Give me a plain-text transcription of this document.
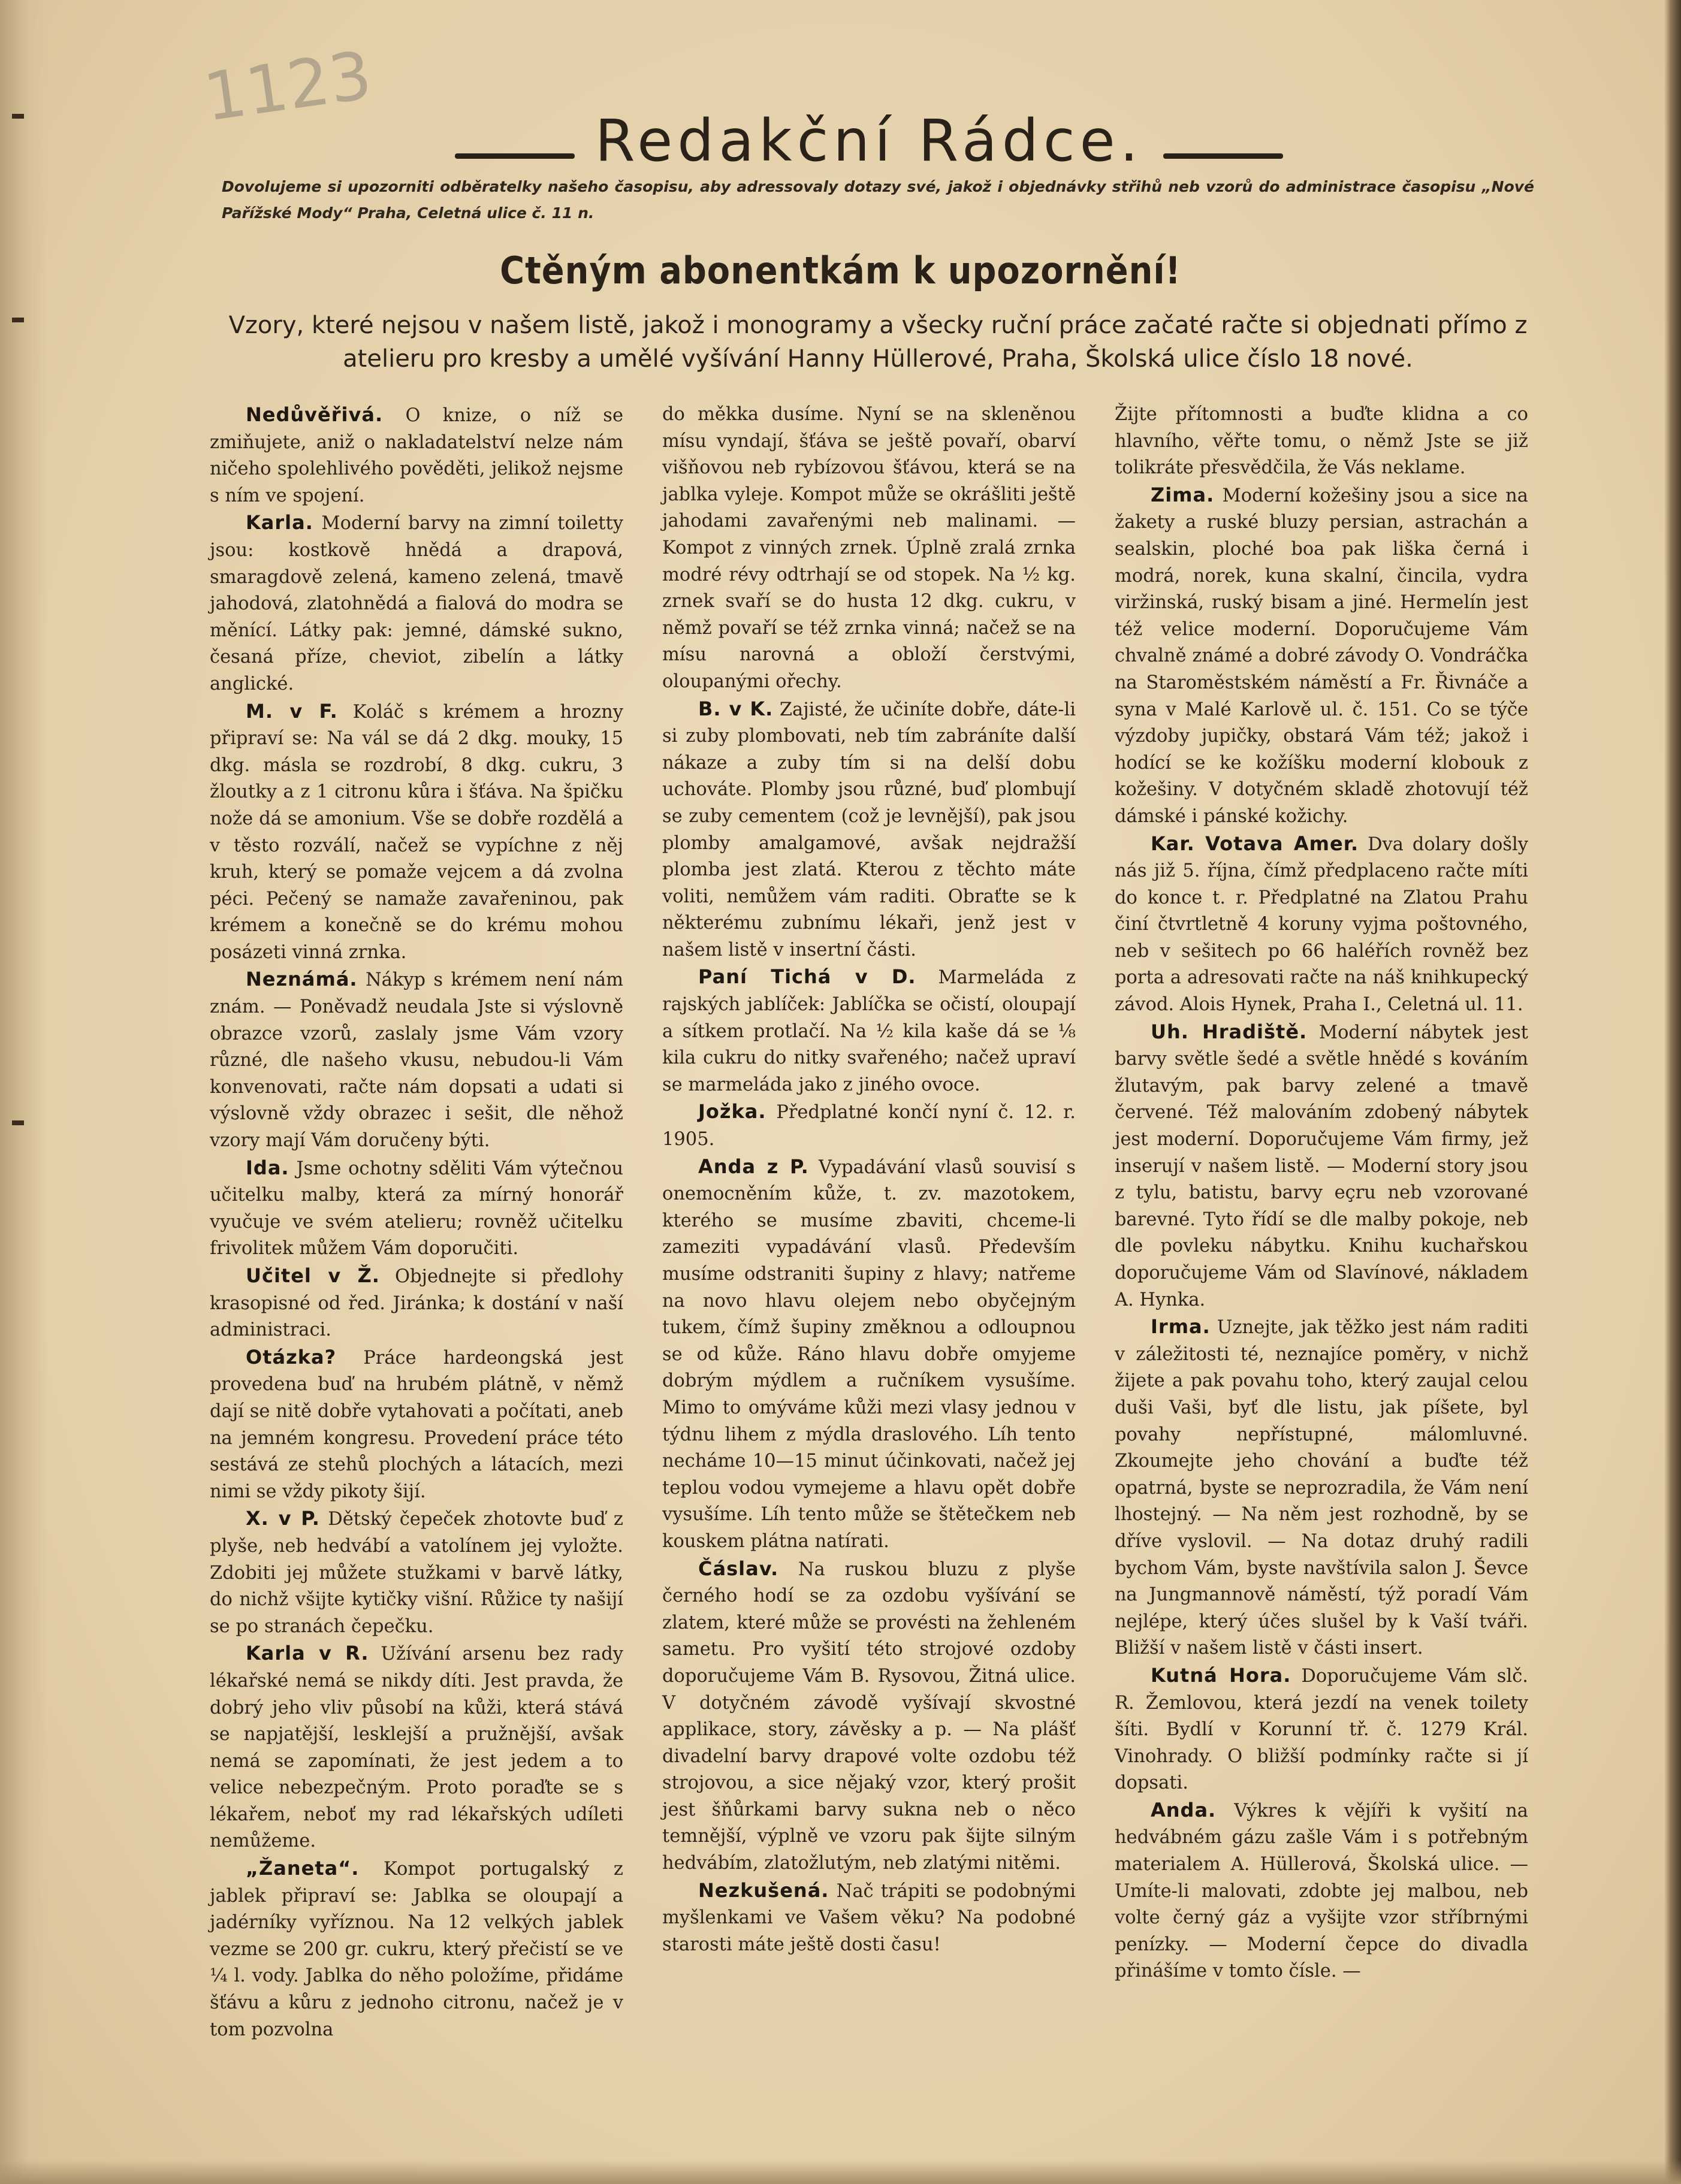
1123
Redakční Rádce.
Dovolujeme si upozorniti odběratelky našeho časopisu, aby adressovaly dotazy své, jakož i objednávky střihů neb vzorů do administrace časopisu „Nové Pařížské Mody“ Praha, Celetná ulice č. 11 n.
Ctěným abonentkám k upozornění!
Vzory, které nejsou v našem listě, jakož i monogramy a všecky ruční práce začaté račte si objednati přímo z atelieru pro kresby a umělé vyšívání Hanny Hüllerové, Praha, Školská ulice číslo 18 nové.

Nedůvěřivá. O knize, o níž se zmiňujete, aniž o nakladatelství nelze nám ničeho spolehlivého pověděti, jelikož nejsme s ním ve spojení.

Karla. Moderní barvy na zimní toiletty jsou: kostkově hnědá a drapová, smaragdově zelená, kameno zelená, tmavě jahodová, zlatohnědá a fialová do modra se měnící. Látky pak: jemné, dámské sukno, česaná příze, cheviot, zibelín a látky anglické.

M. v F. Koláč s krémem a hrozny připraví se: Na vál se dá 2 dkg. mouky, 15 dkg. másla se rozdrobí, 8 dkg. cukru, 3 žloutky a z 1 citronu kůra i šťáva. Na špičku nože dá se amonium. Vše se dobře rozdělá a v těsto rozválí, načež se vypíchne z něj kruh, který se pomaže vejcem a dá zvolna péci. Pečený se namaže zavařeninou, pak krémem a konečně se do krému mohou posázeti vinná zrnka.

Neznámá. Nákyp s krémem není nám znám. — Poněvadž neudala Jste si výslovně obrazce vzorů, zaslaly jsme Vám vzory různé, dle našeho vkusu, nebudou-li Vám konvenovati, račte nám dopsati a udati si výslovně vždy obrazec i sešit, dle něhož vzory mají Vám doručeny býti.

Ida. Jsme ochotny sděliti Vám výtečnou učitelku malby, která za mírný honorář vyučuje ve svém atelieru; rovněž učitelku frivolitek můžem Vám doporučiti.

Učitel v Ž. Objednejte si předlohy krasopisné od řed. Jiránka; k dostání v naší administraci.

Otázka? Práce hardeongská jest provedena buď na hrubém plátně, v němž dají se nitě dobře vytahovati a počítati, aneb na jemném kongresu. Provedení práce této sestává ze stehů plochých a látacích, mezi nimi se vždy pikoty šijí.

X. v P. Dětský čepeček zhotovte buď z plyše, neb hedvábí a vatolínem jej vyložte. Zdobiti jej můžete stužkami v barvě látky, do nichž všijte kytičky višní. Růžice ty našijí se po stranách čepečku.

Karla v R. Užívání arsenu bez rady lékařské nemá se nikdy díti. Jest pravda, že dobrý jeho vliv působí na kůži, která stává se napjatější, lesklejší a pružnější, avšak nemá se zapomínati, že jest jedem a to velice nebezpečným. Proto poraďte se s lékařem, neboť my rad lékařských udíleti nemůžeme.

„Žaneta“. Kompot portugalský z jablek připraví se: Jablka se oloupají a jadérníky vyříznou. Na 12 velkých jablek vezme se 200 gr. cukru, který přečistí se ve ¼ l. vody. Jablka do něho položíme, přidáme šťávu a kůru z jednoho citronu, načež je v tom pozvolna

do měkka dusíme. Nyní se na skleněnou mísu vyndají, šťáva se ještě povaří, obarví višňovou neb rybízovou šťávou, která se na jablka vyleje. Kompot může se okrášliti ještě jahodami zavařenými neb malinami. — Kompot z vinných zrnek. Úplně zralá zrnka modré révy odtrhají se od stopek. Na ½ kg. zrnek svaří se do husta 12 dkg. cukru, v němž povaří se též zrnka vinná; načež se na mísu narovná a obloží čerstvými, oloupanými ořechy.

B. v K. Zajisté, že učiníte dobře, dáte-li si zuby plombovati, neb tím zabráníte další nákaze a zuby tím si na delší dobu uchováte. Plomby jsou různé, buď plombují se zuby cementem (což je levnější), pak jsou plomby amalgamové, avšak nejdražší plomba jest zlatá. Kterou z těchto máte voliti, nemůžem vám raditi. Obraťte se k některému zubnímu lékaři, jenž jest v našem listě v insertní části.

Paní Tichá v D. Marmeláda z rajských jablíček: Jablíčka se očistí, oloupají a sítkem protlačí. Na ½ kila kaše dá se ⅛ kila cukru do nitky svařeného; načež upraví se marmeláda jako z jiného ovoce.

Jožka. Předplatné končí nyní č. 12. r. 1905.

Anda z P. Vypadávání vlasů souvisí s onemocněním kůže, t. zv. mazotokem, kterého se musíme zbaviti, chceme-li zameziti vypadávání vlasů. Především musíme odstraniti šupiny z hlavy; natřeme na novo hlavu olejem nebo obyčejným tukem, čímž šupiny změknou a odloupnou se od kůže. Ráno hlavu dobře omyjeme dobrým mýdlem a ručníkem vysušíme. Mimo to omýváme kůži mezi vlasy jednou v týdnu lihem z mýdla draslového. Líh tento necháme 10—15 minut účinkovati, načež jej teplou vodou vymejeme a hlavu opět dobře vysušíme. Líh tento může se štětečkem neb kouskem plátna natírati.

Čáslav. Na ruskou bluzu z plyše černého hodí se za ozdobu vyšívání se zlatem, které může se provésti na žehleném sametu. Pro vyšití této strojové ozdoby doporučujeme Vám B. Rysovou, Žitná ulice. V dotyčném závodě vyšívají skvostné applikace, story, závěsky a p. — Na plášť divadelní barvy drapové volte ozdobu též strojovou, a sice nějaký vzor, který prošit jest šňůrkami barvy sukna neb o něco temnější, výplně ve vzoru pak šijte silným hedvábím, zlatožlutým, neb zlatými nitěmi.

Nezkušená. Nač trápiti se podobnými myšlenkami ve Vašem věku? Na podobné starosti máte ještě dosti času!

Žijte přítomnosti a buďte klidna a co hlavního, věřte tomu, o němž Jste se již tolikráte přesvědčila, že Vás neklame.

Zima. Moderní kožešiny jsou a sice na žakety a ruské bluzy persian, astrachán a sealskin, ploché boa pak liška černá i modrá, norek, kuna skalní, čincila, vydra viržinská, ruský bisam a jiné. Hermelín jest též velice moderní. Doporučujeme Vám chvalně známé a dobré závody O. Vondráčka na Staroměstském náměstí a Fr. Řivnáče a syna v Malé Karlově ul. č. 151. Co se týče výzdoby jupičky, obstará Vám též; jakož i hodící se ke kožíšku moderní klobouk z kožešiny. V dotyčném skladě zhotovují též dámské i pánské kožichy.

Kar. Votava Amer. Dva dolary došly nás již 5. října, čímž předplaceno račte míti do konce t. r. Předplatné na Zlatou Prahu činí čtvrtletně 4 koruny vyjma poštovného, neb v sešitech po 66 haléřích rovněž bez porta a adresovati račte na náš knihkupecký závod. Alois Hynek, Praha I., Celetná ul. 11.

Uh. Hradiště. Moderní nábytek jest barvy světle šedé a světle hnědé s kováním žlutavým, pak barvy zelené a tmavě červené. Též malováním zdobený nábytek jest moderní. Doporučujeme Vám firmy, jež inserují v našem listě. — Moderní story jsou z tylu, batistu, barvy eçru neb vzorované barevné. Tyto řídí se dle malby pokoje, neb dle povleku nábytku. Knihu kuchařskou doporučujeme Vám od Slavínové, nákladem A. Hynka.

Irma. Uznejte, jak těžko jest nám raditi v záležitosti té, neznajíce poměry, v nichž žijete a pak povahu toho, který zaujal celou duši Vaši, byť dle listu, jak píšete, byl povahy nepřístupné, málomluvné. Zkoumejte jeho chování a buďte též opatrná, byste se neprozradila, že Vám není lhostejný. — Na něm jest rozhodně, by se dříve vyslovil. — Na dotaz druhý radili bychom Vám, byste navštívila salon J. Ševce na Jungmannově náměstí, týž poradí Vám nejlépe, který účes slušel by k Vaší tváři. Bližší v našem listě v části insert.

Kutná Hora. Doporučujeme Vám slč. R. Žemlovou, která jezdí na venek toilety šíti. Bydlí v Korunní tř. č. 1279 Král. Vinohrady. O bližší podmínky račte si jí dopsati.

Anda. Výkres k vějíři k vyšití na hedvábném gázu zašle Vám i s potřebným materialem A. Hüllerová, Školská ulice. — Umíte-li malovati, zdobte jej malbou, neb volte černý gáz a vyšijte vzor stříbrnými penízky. — Moderní čepce do divadla přinášíme v tomto čísle. —
